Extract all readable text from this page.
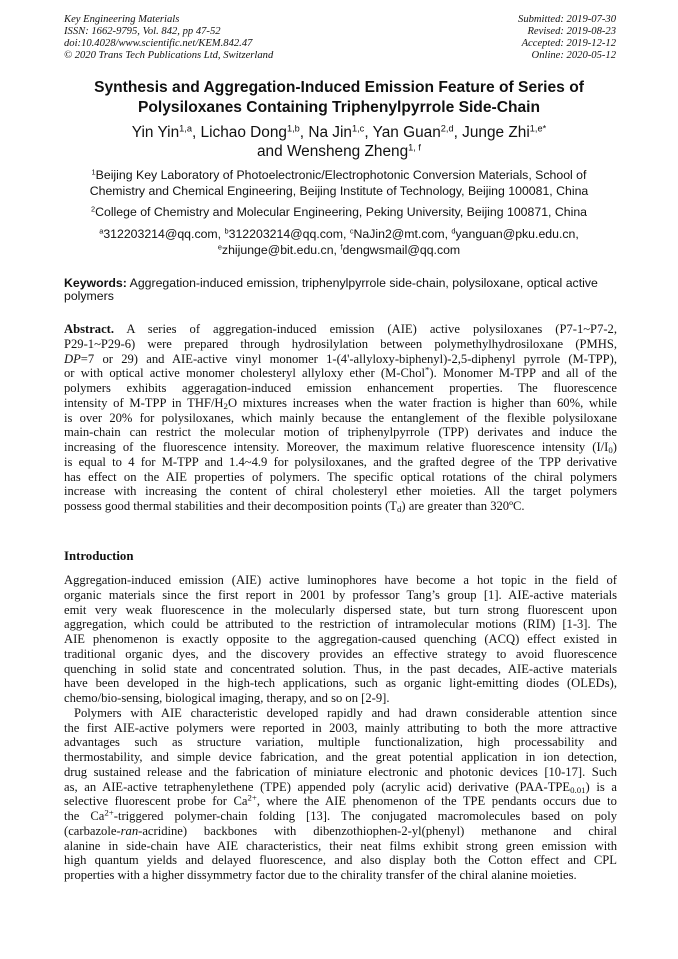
Key Engineering Materials
ISSN: 1662-9795, Vol. 842, pp 47-52
doi:10.4028/www.scientific.net/KEM.842.47
© 2020 Trans Tech Publications Ltd, Switzerland
Submitted: 2019-07-30
Revised: 2019-08-23
Accepted: 2019-12-12
Online: 2020-05-12
Synthesis and Aggregation-Induced Emission Feature of Series of
Polysiloxanes Containing Triphenylpyrrole Side-Chain
Yin Yin$^{1,a}$, Lichao Dong$^{1,b}$, Na Jin$^{1,c}$, Yan Guan$^{2,d}$, Junge Zhi$^{1,e*}$
and Wensheng Zheng$^{1, f}$
$^1$Beijing Key Laboratory of Photoelectronic/Electrophotonic Conversion Materials, School of
Chemistry and Chemical Engineering, Beijing Institute of Technology, Beijing 100081, China
$^2$College of Chemistry and Molecular Engineering, Peking University, Beijing 100871, China
$^a$312203214@qq.com, $^b$312203214@qq.com, $^c$NaJin2@mt.com, $^d$yanguan@pku.edu.cn,
$^e$zhijunge@bit.edu.cn, $^f$dengwsmail@qq.com
Keywords: Aggregation-induced emission, triphenylpyrrole side-chain, polysiloxane, optical active polymers
Abstract. A series of aggregation-induced emission (AIE) active polysiloxanes (P7-1~P7-2,
P29-1~P29-6) were prepared through hydrosilylation between polymethylhydrosiloxane (PMHS,
DP=7 or 29) and AIE-active vinyl monomer 1-(4'-allyloxy-biphenyl)-2,5-diphenyl pyrrole (M-TPP),
or with optical active monomer cholesteryl allyloxy ether (M-Chol*). Monomer M-TPP and all of the
polymers exhibits aggeragation-induced emission enhancement properties. The fluorescence
intensity of M-TPP in THF/$H_2O$ mixtures increases when the water fraction is higher than 60%, while
is over 20% for polysiloxanes, which mainly because the entanglement of the flexible polysiloxane
main-chain can restrict the molecular motion of triphenylpyrrole (TPP) derivates and induce the
increasing of the fluorescence intensity. Moreover, the maximum relative fluorescence intensity $(I/I_0)$
is equal to 4 for M-TPP and 1.4~4.9 for polysiloxanes, and the grafted degree of the TPP derivative
has effect on the AIE properties of polymers. The specific optical rotations of the chiral polymers
increase with increasing the content of chiral cholesteryl ether moieties. All the target polymers
possess good thermal stabilities and their decomposition points $(T_d)$ are greater than 320ºC.
Introduction
Aggregation-induced emission (AIE) active luminophores have become a hot topic in the field of
organic materials since the first report in 2001 by professor Tang’s group [1]. AIE-active materials
emit very weak fluorescence in the molecularly dispersed state, but turn strong fluorescent upon
aggregation, which could be attributed to the restriction of intramolecular motions (RIM) [1-3]. The
AIE phenomenon is exactly opposite to the aggregation-caused quenching (ACQ) effect existed in
traditional organic dyes, and the discovery provides an effective strategy to avoid fluorescence
quenching in solid state and concentrated solution. Thus, in the past decades, AIE-active materials
have been developed in the high-tech applications, such as organic light-emitting diodes (OLEDs),
chemo/bio-sensing, biological imaging, therapy, and so on [2-9].
Polymers with AIE characteristic developed rapidly and had drawn considerable attention since
the first AIE-active polymers were reported in 2003, mainly attributing to both the more attractive
advantages such as structure variation, multiple functionalization, high processability and
thermostability, and simple device fabrication, and the great potential application in ion detection,
drug sustained release and the fabrication of miniature electronic and photonic devices [10-17]. Such
as, an AIE-active tetraphenylethene (TPE) appended poly (acrylic acid) derivative $(PAA-TPE_{0.01})$ is a
selective fluorescent probe for $Ca^{2+}$, where the AIE phenomenon of the TPE pendants occurs due to
the $Ca^{2+}$-triggered polymer-chain folding [13]. The conjugated macromolecules based on poly
(carbazole-ran-acridine) backbones with dibenzothiophen-2-yl(phenyl) methanone and chiral
alanine in side-chain have AIE characteristics, their neat films exhibit strong green emission with
high quantum yields and delayed fluorescence, and also display both the Cotton effect and CPL
properties with a higher dissymmetry factor due to the chirality transfer of the chiral alanine moieties.
